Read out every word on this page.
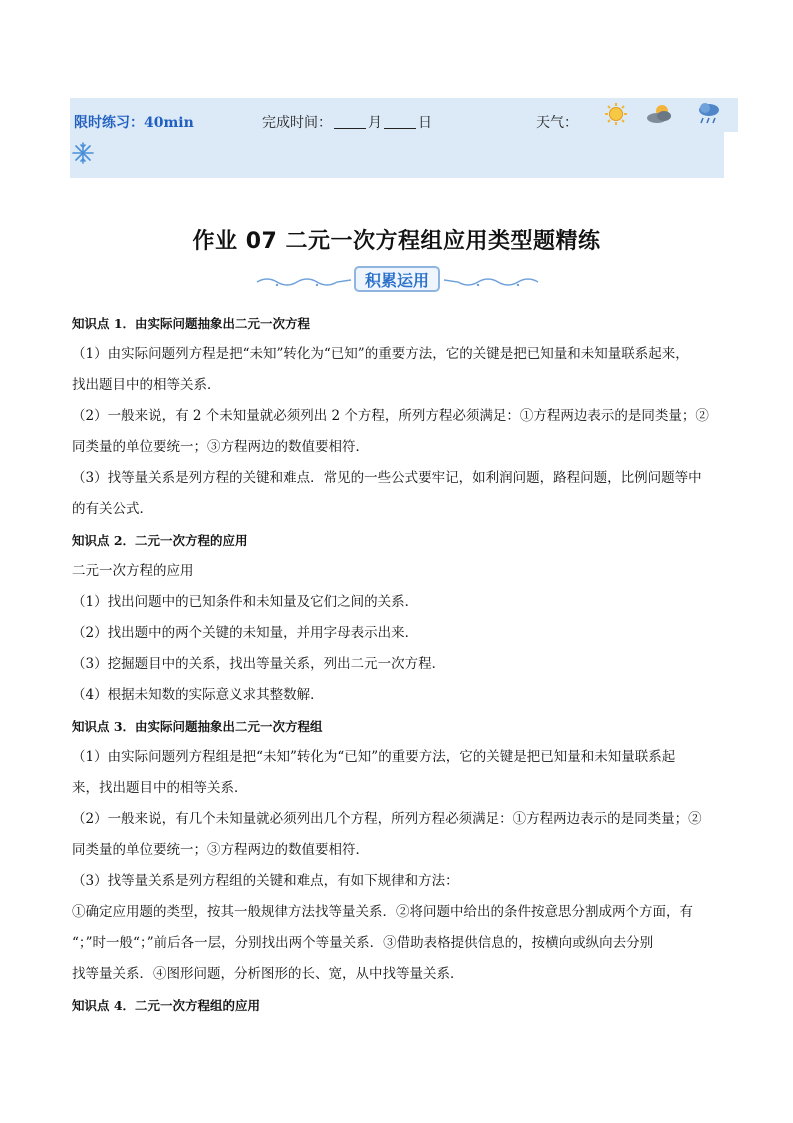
限时练习：40min	完成时间：	月	日	天气：
作业 07 二元一次方程组应用类型题精练
积累运用

知识点 1．由实际问题抽象出二元一次方程

（1）由实际问题列方程是把“未知”转化为“已知”的重要方法，它的关键是把已知量和未知量联系起来，

找出题目中的相等关系．

（2）一般来说，有 2 个未知量就必须列出 2 个方程，所列方程必须满足：①方程两边表示的是同类量；②

同类量的单位要统一；③方程两边的数值要相符．

（3）找等量关系是列方程的关键和难点．常见的一些公式要牢记，如利润问题，路程问题，比例问题等中

的有关公式．

知识点 2．二元一次方程的应用

二元一次方程的应用

（1）找出问题中的已知条件和未知量及它们之间的关系．

（2）找出题中的两个关键的未知量，并用字母表示出来．

（3）挖掘题目中的关系，找出等量关系，列出二元一次方程．

（4）根据未知数的实际意义求其整数解．

知识点 3．由实际问题抽象出二元一次方程组

（1）由实际问题列方程组是把“未知”转化为“已知”的重要方法，它的关键是把已知量和未知量联系起

来，找出题目中的相等关系．

（2）一般来说，有几个未知量就必须列出几个方程，所列方程必须满足：①方程两边表示的是同类量；②

同类量的单位要统一；③方程两边的数值要相符．

（3）找等量关系是列方程组的关键和难点，有如下规律和方法：

①确定应用题的类型，按其一般规律方法找等量关系．②将问题中给出的条件按意思分割成两个方面，有

“；”时一般“；”前后各一层，分别找出两个等量关系．③借助表格提供信息的，按横向或纵向去分别

找等量关系．④图形问题，分析图形的长、宽，从中找等量关系．

知识点 4．二元一次方程组的应用
